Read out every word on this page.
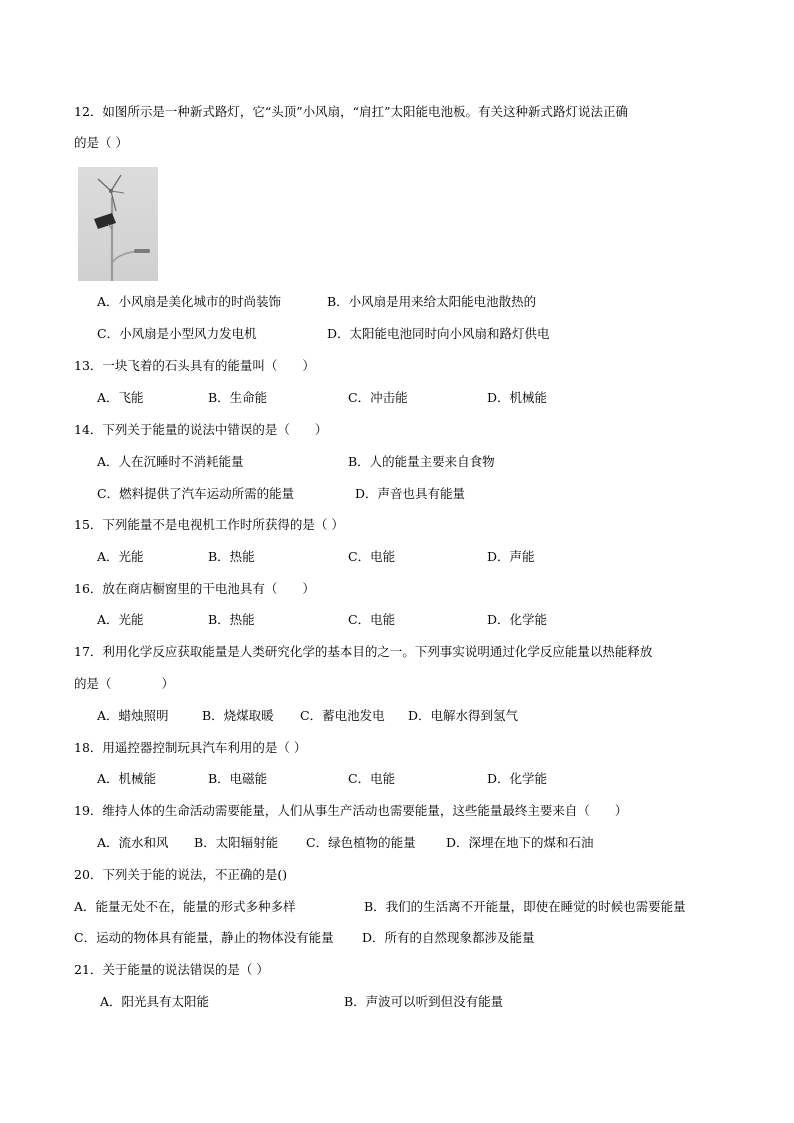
12．如图所示是一种新式路灯，它“头顶”小风扇，“肩扛”太阳能电池板。有关这种新式路灯说法正确
的是（ ）
A．小风扇是美化城市的时尚装饰	B．小风扇是用来给太阳能电池散热的
C．小风扇是小型风力发电机	D．太阳能电池同时向小风扇和路灯供电
13．一块飞着的石头具有的能量叫（　　）
A．飞能	B．生命能	C．冲击能	D．机械能
14．下列关于能量的说法中错误的是（　　）
A．人在沉睡时不消耗能量	B．人的能量主要来自食物
C．燃料提供了汽车运动所需的能量	D．声音也具有能量
15．下列能量不是电视机工作时所获得的是（ ）
A．光能	B．热能	C．电能	D．声能
16．放在商店橱窗里的干电池具有（　　）
A．光能	B．热能	C．电能	D．化学能
17．利用化学反应获取能量是人类研究化学的基本目的之一。下列事实说明通过化学反应能量以热能释放
的是（　　　　）
A．蜡烛照明	B．烧煤取暖 C．蓄电池发电 D．电解水得到氢气
18．用遥控器控制玩具汽车利用的是（ ）
A．机械能	B．电磁能	C．电能	D．化学能
19．维持人体的生命活动需要能量，人们从事生产活动也需要能量，这些能量最终主要来自（　　）
A．流水和风 B．太阳辐射能 C．绿色植物的能量 D．深埋在地下的煤和石油
20．下列关于能的说法，不正确的是()
A．能量无处不在，能量的形式多种多样	B．我们的生活离不开能量，即使在睡觉的时候也需要能量
C．运动的物体具有能量，静止的物体没有能量 D．所有的自然现象都涉及能量
21．关于能量的说法错误的是（ ）
A．阳光具有太阳能	B．声波可以听到但没有能量
